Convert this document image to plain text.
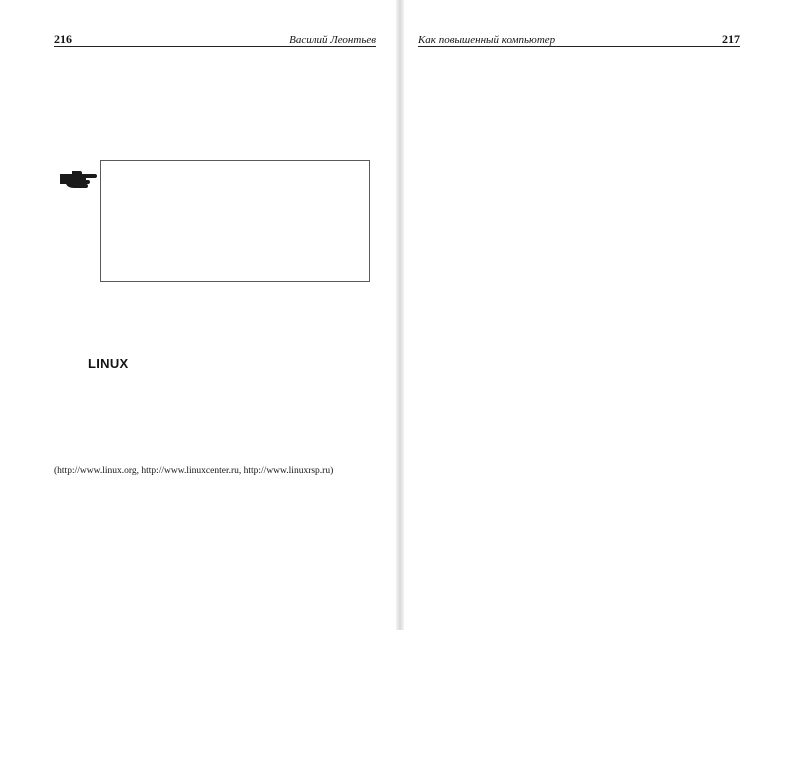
216	Василий Леонтьев
LINUX
(http://www.linux.org, http://www.linuxcenter.ru, http://www.linuxrsp.ru)
Как повышенный компьютер	217
